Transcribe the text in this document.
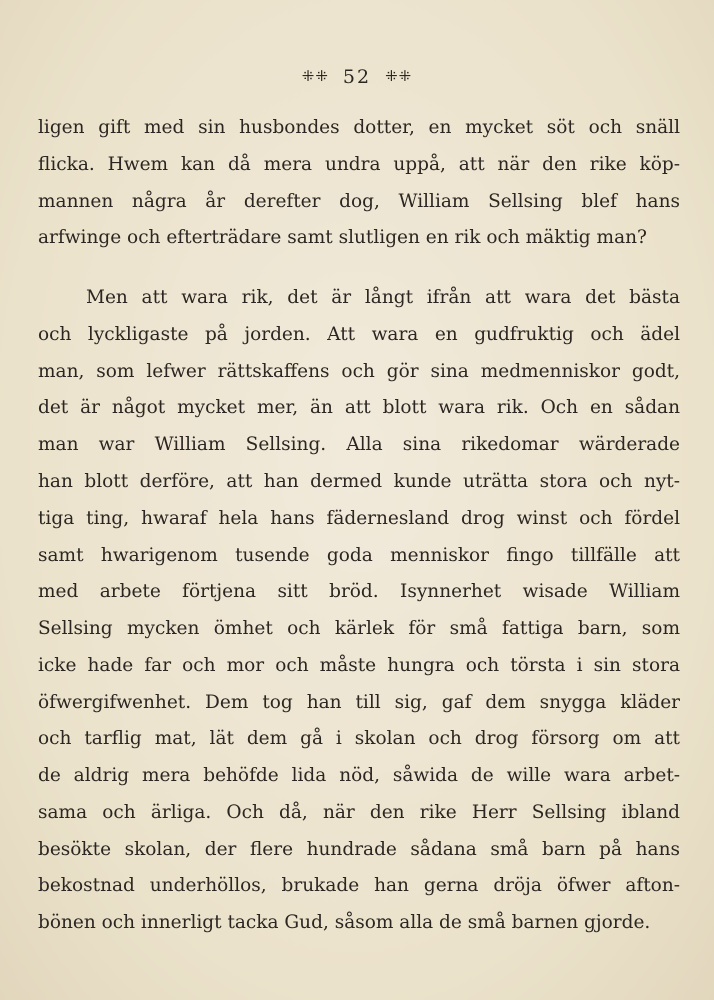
⁜⁜ 52 ⁜⁜
ligen gift med sin husbondes dotter, en mycket söt och snäll
flicka. Hwem kan då mera undra uppå, att när den rike köp-
mannen några år derefter dog, William Sellsing blef hans
arfwinge och efterträdare samt slutligen en rik och mäktig man?
Men att wara rik, det är långt ifrån att wara det bästa
och lyckligaste på jorden. Att wara en gudfruktig och ädel
man, som lefwer rättskaffens och gör sina medmenniskor godt,
det är något mycket mer, än att blott wara rik. Och en sådan
man war William Sellsing. Alla sina rikedomar wärderade
han blott derföre, att han dermed kunde uträtta stora och nyt-
tiga ting, hwaraf hela hans fädernesland drog winst och fördel
samt hwarigenom tusende goda menniskor fingo tillfälle att
med arbete förtjena sitt bröd. Isynnerhet wisade William
Sellsing mycken ömhet och kärlek för små fattiga barn, som
icke hade far och mor och måste hungra och törsta i sin stora
öfwergifwenhet. Dem tog han till sig, gaf dem snygga kläder
och tarflig mat, lät dem gå i skolan och drog försorg om att
de aldrig mera behöfde lida nöd, såwida de wille wara arbet-
sama och ärliga. Och då, när den rike Herr Sellsing ibland
besökte skolan, der flere hundrade sådana små barn på hans
bekostnad underhöllos, brukade han gerna dröja öfwer afton-
bönen och innerligt tacka Gud, såsom alla de små barnen gjorde.
